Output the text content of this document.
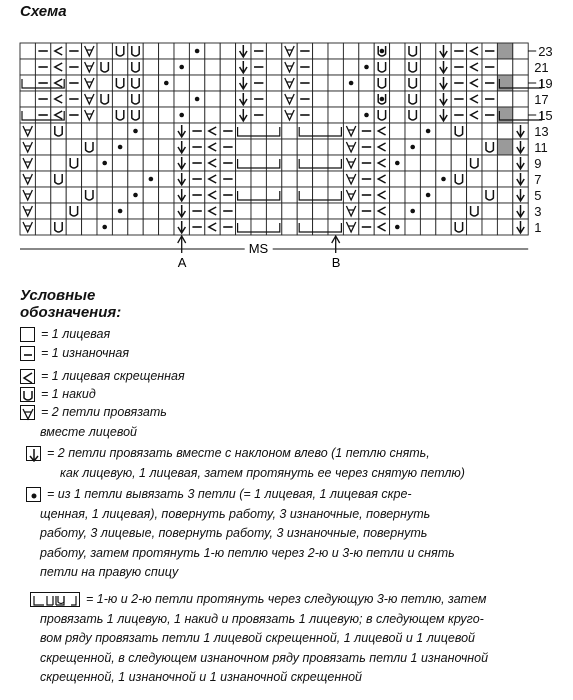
Схема
1
3
5
7
9
11
13
15
17
19
21
23
A	B
MS
Условные
обозначения:
= 1 лицевая
= 1 изнаночная
= 1 лицевая скрещенная
= 1 накид
= 2 петли провязать
вместе лицевой
= 2 петли провязать вместе с наклоном влево (1 петлю снять,
как лицевую, 1 лицевая, затем протянуть ее через снятую петлю)
= из 1 петли вывязать 3 петли (= 1 лицевая, 1 лицевая скре-
щенная, 1 лицевая), повернуть работу, 3 изнаночные, повернуть
работу, 3 лицевые, повернуть работу, 3 изнаночные, повернуть
работу, затем протянуть 1-ю петлю через 2-ю и 3-ю петли и снять
петли на правую спицу
= 1-ю и 2-ю петли протянуть через следующую 3-ю петлю, затем
провязать 1 лицевую, 1 накид и провязать 1 лицевую; в следующем круго-
вом ряду провязать петли 1 лицевой скрещенной, 1 лицевой и 1 лицевой
скрещенной, в следующем изнаночном ряду провязать петли 1 изнаночной
скрещенной, 1 изнаночной и 1 изнаночной скрещенной
